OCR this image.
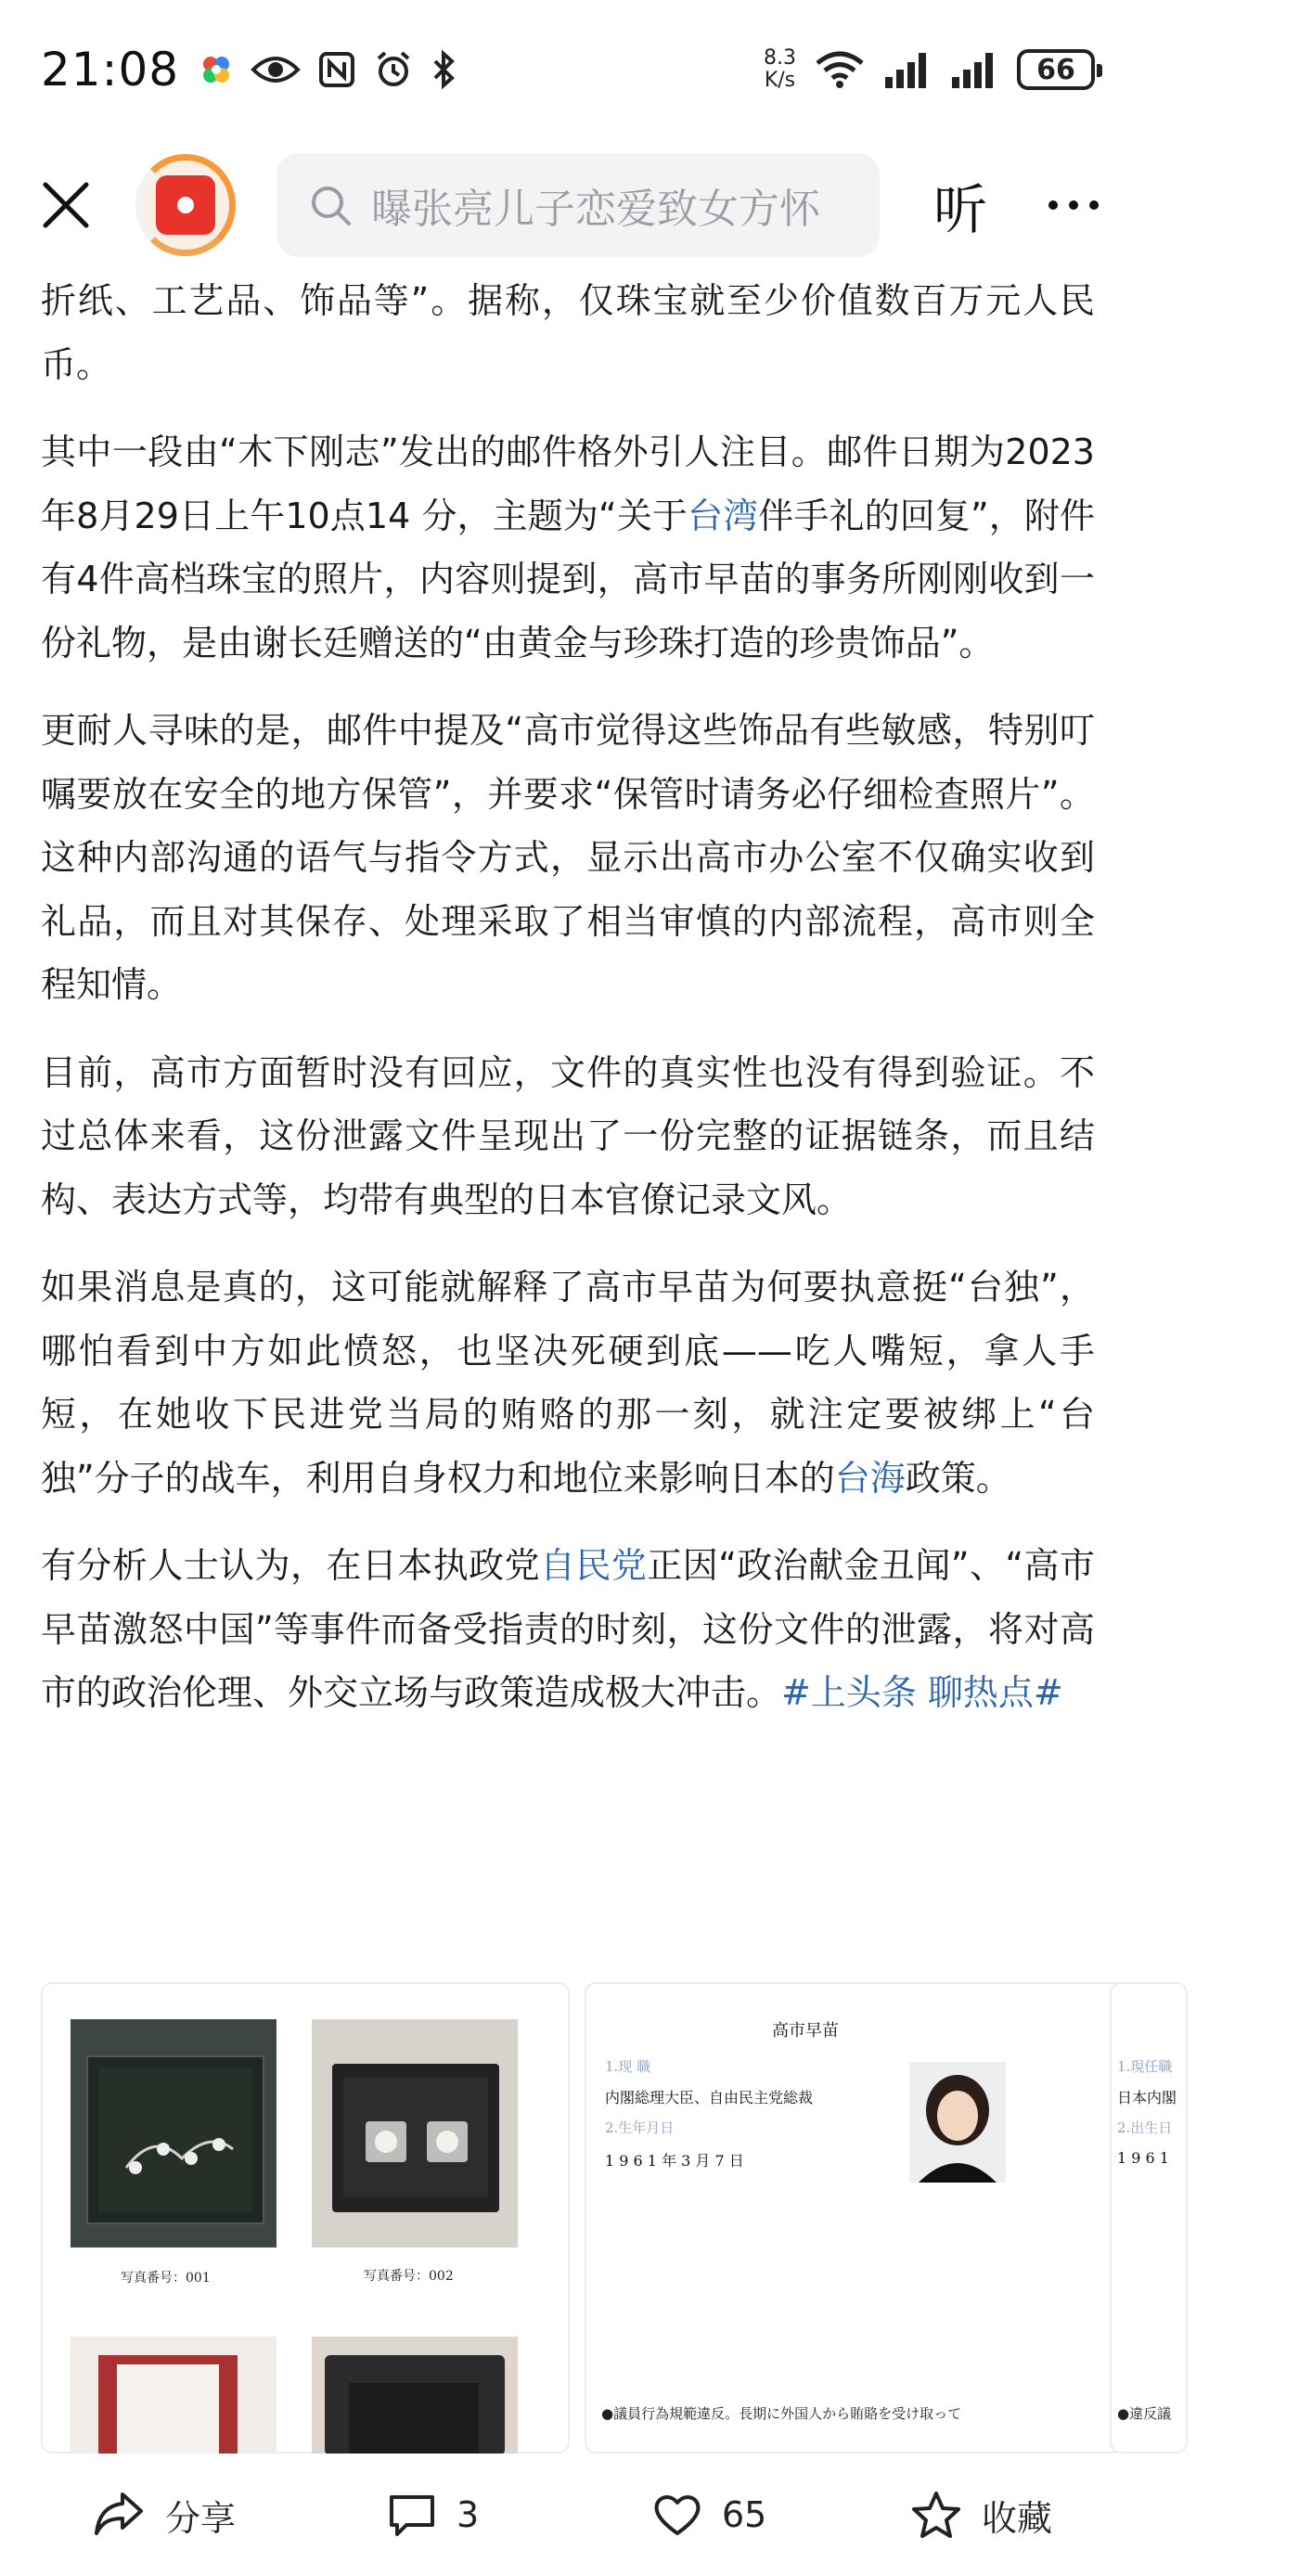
21:08	8.3
K/s	66
曝张亮儿子恋爱致女方怀	听

折纸、工艺品、饰品等”。据称，仅珠宝就至少价值数百万元人民币。

其中一段由“木下刚志”发出的邮件格外引人注目。邮件日期为2023年8月29日上午10点14 分，主题为“关于台湾伴手礼的回复”，附件有4件高档珠宝的照片，内容则提到，高市早苗的事务所刚刚收到一份礼物，是由谢长廷赠送的“由黄金与珍珠打造的珍贵饰品”。

更耐人寻味的是，邮件中提及“高市觉得这些饰品有些敏感，特别叮嘱要放在安全的地方保管”，并要求“保管时请务必仔细检查照片”。这种内部沟通的语气与指令方式，显示出高市办公室不仅确实收到礼品，而且对其保存、处理采取了相当审慎的内部流程，高市则全程知情。

目前，高市方面暂时没有回应，文件的真实性也没有得到验证。不过总体来看，这份泄露文件呈现出了一份完整的证据链条，而且结构、表达方式等，均带有典型的日本官僚记录文风。

如果消息是真的，这可能就解释了高市早苗为何要执意挺“台独”，哪怕看到中方如此愤怒，也坚决死硬到底——吃人嘴短，拿人手短，在她收下民进党当局的贿赂的那一刻，就注定要被绑上“台独”分子的战车，利用自身权力和地位来影响日本的台海政策。

有分析人士认为，在日本执政党自民党正因“政治献金丑闻”、“高市早苗激怒中国”等事件而备受指责的时刻，这份文件的泄露，将对高市的政治伦理、外交立场与政策造成极大冲击。#上头条 聊热点#

写真番号：001	写真番号：002
高市早苗
1.现 職
内閣総理大臣、自由民主党総裁
2.生年月日
1 9 6 1 年 3 月 7 日
●議員行為規範違反。長期に外国人から賄賂を受け取って
1.現任職
日本内閣
2.出生日
1 9 6 1
●違反議
分享	3	65	收藏
